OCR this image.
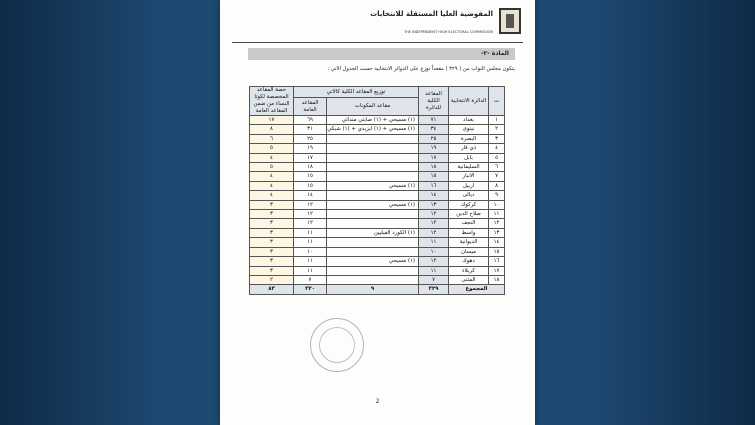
المفوضية العليا المستقلة للانتخابات
THE INDEPENDENT HIGH ELECTORAL COMMISSION
المادة -٢-
يتكون مجلس النواب من ( ٣٢٩ ) مقعداً توزع على الدوائر الانتخابية حسب الجدول الاتي :
ت	الدائرة الانتخابية	المقاعد الكلية للدائرة	توزيع المقاعد الكلية كالاتي		حصة المقاعد المخصصة لكوتا النساء من ضمن المقاعد العامة
			مقاعد المكونات	المقاعد العامة	
١	بغداد	٧١	(١) مسيحي + (١) صابئي مندائي	٦٩	١٧
٢	نينوى	٣٤	(١) مسيحي + (١) ايزيدي + (١) شبكي	٣١	٨
٣	البصرة	٢٥		٢٥	٦
٤	ذي قار	١٩		١٩	٥
٥	بابل	١٧		١٧	٤
٦	السليمانية	١٨		١٨	٥
٧	الانبار	١٥		١٥	٤
٨	اربيل	١٦	(١) مسيحي	١٥	٤
٩	ديالى	١٤		١٤	٤
١٠	كركوك	١٣	(١) مسيحي	١٢	٣
١١	صلاح الدين	١٢		١٢	٣
١٢	النجف	١٢		١٢	٣
١٣	واسط	١٢	(١) الكورد الفيليين	١١	٣
١٤	الديوانية	١١		١١	٣
١٥	ميسان	١٠		١٠	٣
١٦	دهوك	١٢	(١) مسيحي	١١	٣
١٧	كربلاء	١١		١١	٣
١٨	المثنى	٧		٧	٢
المجموع		٣٢٩	٩	٣٢٠	٨٣
2
